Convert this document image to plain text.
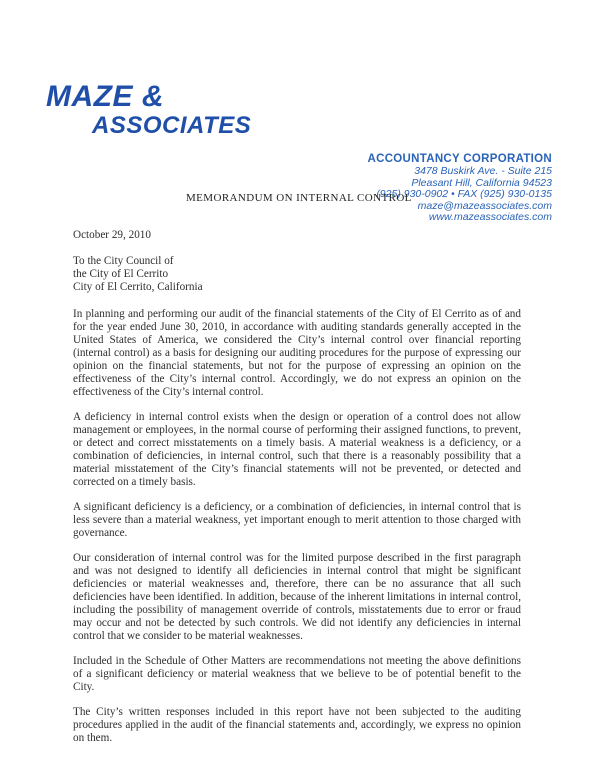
MAZE &
ASSOCIATES
ACCOUNTANCY CORPORATION
3478 Buskirk Ave. - Suite 215
Pleasant Hill, California 94523
(925) 930-0902 • FAX (925) 930-0135
maze@mazeassociates.com
www.mazeassociates.com
MEMORANDUM ON INTERNAL CONTROL

October 29, 2010

To the City Council of

the City of El Cerrito

City of El Cerrito, California

In planning and performing our audit of the financial statements of the City of El Cerrito as of and for the year ended June 30, 2010, in accordance with auditing standards generally accepted in the United States of America, we considered the City’s internal control over financial reporting (internal control) as a basis for designing our auditing procedures for the purpose of expressing our opinion on the financial statements, but not for the purpose of expressing an opinion on the effectiveness of the City’s internal control. Accordingly, we do not express an opinion on the effectiveness of the City’s internal control.

A deficiency in internal control exists when the design or operation of a control does not allow management or employees, in the normal course of performing their assigned functions, to prevent, or detect and correct misstatements on a timely basis. A material weakness is a deficiency, or a combination of deficiencies, in internal control, such that there is a reasonably possibility that a material misstatement of the City’s financial statements will not be prevented, or detected and corrected on a timely basis.

A significant deficiency is a deficiency, or a combination of deficiencies, in internal control that is less severe than a material weakness, yet important enough to merit attention to those charged with governance.

Our consideration of internal control was for the limited purpose described in the first paragraph and was not designed to identify all deficiencies in internal control that might be significant deficiencies or material weaknesses and, therefore, there can be no assurance that all such deficiencies have been identified. In addition, because of the inherent limitations in internal control, including the possibility of management override of controls, misstatements due to error or fraud may occur and not be detected by such controls. We did not identify any deficiencies in internal control that we consider to be material weaknesses.

Included in the Schedule of Other Matters are recommendations not meeting the above definitions of a significant deficiency or material weakness that we believe to be of potential benefit to the City.

The City’s written responses included in this report have not been subjected to the auditing procedures applied in the audit of the financial statements and, accordingly, we express no opinion on them.
